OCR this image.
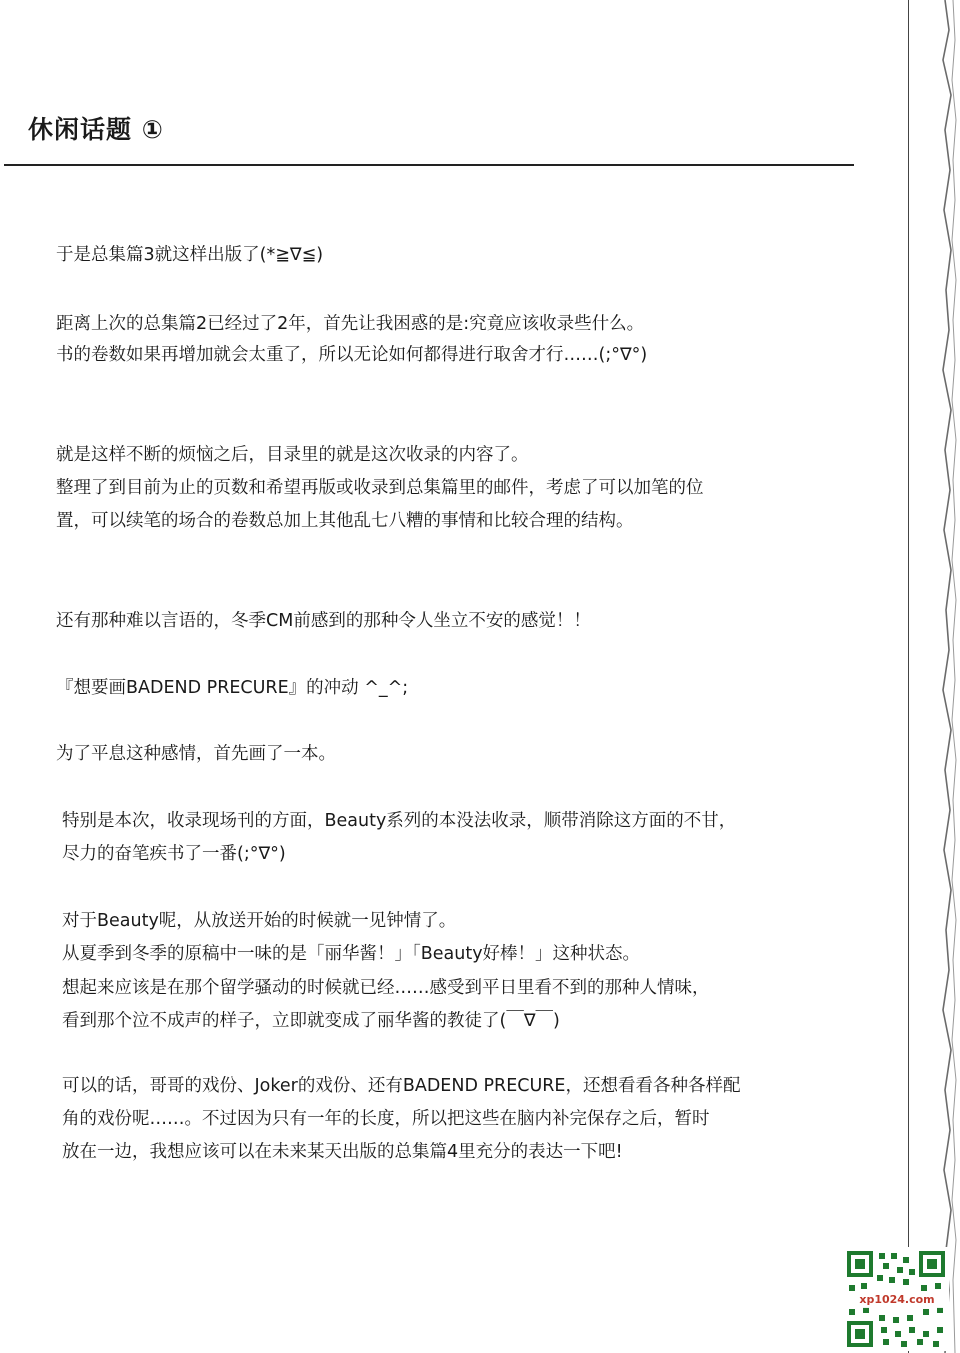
休闲话题 ①
于是总集篇3就这样出版了(*≧∇≦)
距离上次的总集篇2已经过了2年，首先让我困惑的是:究竟应该收录些什么。
书的卷数如果再增加就会太重了，所以无论如何都得进行取舍才行……(;°∇°)
就是这样不断的烦恼之后，目录里的就是这次收录的内容了。
整理了到目前为止的页数和希望再版或收录到总集篇里的邮件，考虑了可以加笔的位
置，可以续笔的场合的卷数总加上其他乱七八糟的事情和比较合理的结构。
还有那种难以言语的，冬季CM前感到的那种令人坐立不安的感觉！！
『想要画BADEND PRECURE』的冲动 ^_^;
为了平息这种感情，首先画了一本。
特别是本次，收录现场刊的方面，Beauty系列的本没法收录，顺带消除这方面的不甘，
尽力的奋笔疾书了一番(;°∇°)
对于Beauty呢，从放送开始的时候就一见钟情了。
从夏季到冬季的原稿中一味的是「丽华酱！」「Beauty好棒！」这种状态。
想起来应该是在那个留学骚动的时候就已经……感受到平日里看不到的那种人情味，
看到那个泣不成声的样子，立即就变成了丽华酱的教徒了(￣∇￣)
可以的话，哥哥的戏份、Joker的戏份、还有BADEND PRECURE，还想看看各种各样配
角的戏份呢……。不过因为只有一年的长度，所以把这些在脑内补完保存之后，暂时
放在一边，我想应该可以在未来某天出版的总集篇4里充分的表达一下吧!
xp1024.com
